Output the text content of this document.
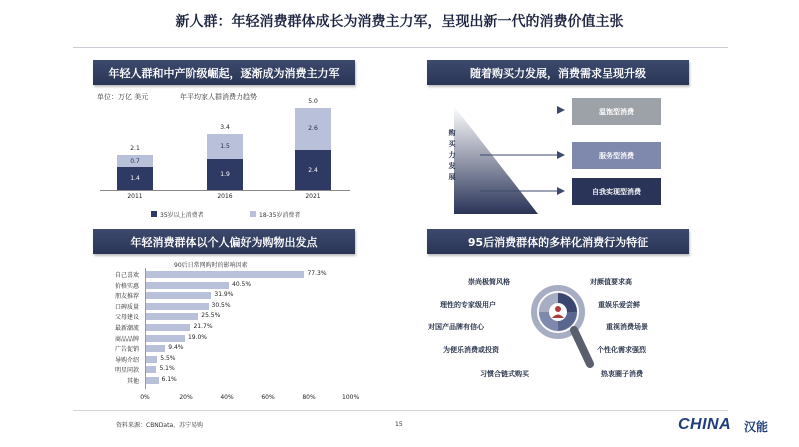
新人群：年轻消费群体成长为消费主力军，呈现出新一代的消费价值主张
年轻人群和中产阶级崛起，逐渐成为消费主力军
单位：万亿 美元	年平均家人群消费力趋势
1.4
0.7
2.1
2011
1.9
1.5
3.4
2016
2.4
2.6
5.0
2021
35岁以上消费者	18-35岁消费者
随着购买力发展，消费需求呈现升级
购买力发展
温饱型消费
服务型消费
自我实现型消费
年轻消费群体以个人偏好为购物出发点
90后日常网购时的影响因素
自己喜欢	77.3%
价格实惠	40.5%
朋友推荐	31.9%
口碑质量	30.5%
父母建议	25.5%
最新潮流	21.7%
商品品牌	19.0%
广告促销	9.4%
导购介绍	5.5%
明星同款	5.1%
其他	6.1%
0%	20%	40%	60%	80%	100%
95后消费群体的多样化消费行为特征
崇尚极简风格
理性的专家级用户
对国产品牌有信心
为便乐消费或投资
对颜值要求高
重娱乐爱尝鲜
重视消费场景
个性化需求强烈
习惯合链式购买	热衷圈子消费
资料来源：CBNData、苏宁易购	15	CHINA 汉能
